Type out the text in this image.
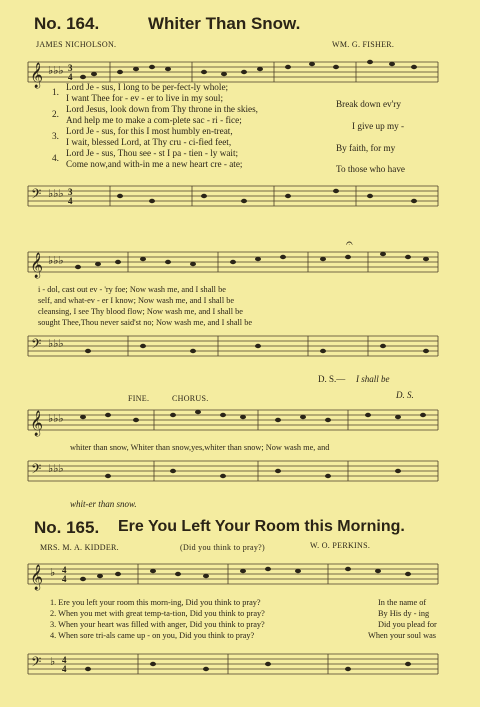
No. 164.	Whiter Than Snow.
JAMES NICHOLSON.	WM. G. FISHER.
𝄞 ♭♭♭ 3
4
1.
2.
3.
4.
Lord Je - sus, I long to be per-fect-ly whole;
I want Thee for - ev - er to live in my soul;
Lord Jesus, look down from Thy throne in the skies,
And help me to make a com-plete sac - ri - fice;
Lord Je - sus, for this I most humbly en-treat,
I wait, blessed Lord, at Thy cru - ci-fied feet,
Lord Je - sus, Thou see - st I pa - tien - ly wait;
Come now,and with-in me a new heart cre - ate;
Break down ev'ry
I give up my -
By faith, for my
To those who have
𝄢 ♭♭♭ 3
4
𝄐
𝄞 ♭♭♭
i - dol, cast out ev - 'ry foe; Now wash me, and I shall be
self, and what-ev - er I know; Now wash me, and I shall be
cleansing, I see Thy blood flow; Now wash me, and I shall be
sought Thee,Thou never said'st no; Now wash me, and I shall be
𝄢 ♭♭♭
D. S.— I shall be
FINE.	CHORUS.	D. S.
𝄞 ♭♭♭
whiter than snow, Whiter than snow,yes,whiter than snow; Now wash me, and
𝄢 ♭♭♭
whit-er than snow.
No. 165. Ere You Left Your Room this Morning.
MRS. M. A. KIDDER.	(Did you think to pray?)	W. O. PERKINS.
𝄞 ♭ 4
4
1. Ere you left your room this morn-ing, Did you think to pray?
2. When you met with great temp-ta-tion, Did you think to pray?
3. When your heart was filled with anger, Did you think to pray?
4. When sore tri-als came up - on you, Did you think to pray?
In the name of
By His dy - ing
Did you plead for
When your soul was
𝄢 ♭ 4
4
